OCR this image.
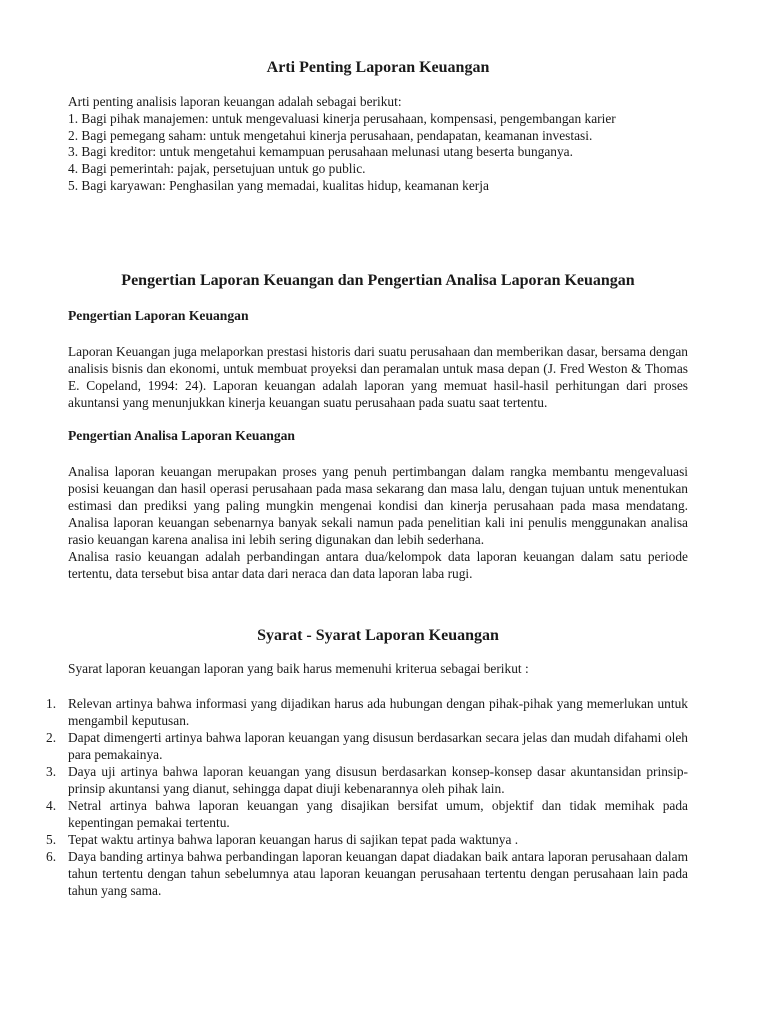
Arti Penting Laporan Keuangan
Arti penting analisis laporan keuangan adalah sebagai berikut:
1. Bagi pihak manajemen: untuk mengevaluasi kinerja perusahaan, kompensasi, pengembangan karier
2. Bagi pemegang saham: untuk mengetahui kinerja perusahaan, pendapatan, keamanan investasi.
3. Bagi kreditor: untuk mengetahui kemampuan perusahaan melunasi utang beserta bunganya.
4. Bagi pemerintah: pajak, persetujuan untuk go public.
5. Bagi karyawan: Penghasilan yang memadai, kualitas hidup, keamanan kerja
Pengertian Laporan Keuangan dan Pengertian Analisa Laporan Keuangan
Pengertian Laporan Keuangan

Laporan Keuangan juga melaporkan prestasi historis dari suatu perusahaan dan memberikan dasar, bersama dengan analisis bisnis dan ekonomi, untuk membuat proyeksi dan peramalan untuk masa depan (J. Fred Weston & Thomas E. Copeland, 1994: 24). Laporan keuangan adalah laporan yang memuat hasil-hasil perhitungan dari proses akuntansi yang menunjukkan kinerja keuangan suatu perusahaan pada suatu saat tertentu.

Pengertian Analisa Laporan Keuangan

Analisa laporan keuangan merupakan proses yang penuh pertimbangan dalam rangka membantu mengevaluasi posisi keuangan dan hasil operasi perusahaan pada masa sekarang dan masa lalu, dengan tujuan untuk menentukan estimasi dan prediksi yang paling mungkin mengenai kondisi dan kinerja perusahaan pada masa mendatang. Analisa laporan keuangan sebenarnya banyak sekali namun pada penelitian kali ini penulis menggunakan analisa rasio keuangan karena analisa ini lebih sering digunakan dan lebih sederhana.

Analisa rasio keuangan adalah perbandingan antara dua/kelompok data laporan keuangan dalam satu periode tertentu, data tersebut bisa antar data dari neraca dan data laporan laba rugi.

Syarat - Syarat Laporan Keuangan

Syarat laporan keuangan laporan yang baik harus memenuhi kriterua sebagai berikut :

1. Relevan artinya bahwa informasi yang dijadikan harus ada hubungan dengan pihak-pihak yang memerlukan untuk mengambil keputusan.
2. Dapat dimengerti artinya bahwa laporan keuangan yang disusun berdasarkan secara jelas dan mudah difahami oleh para pemakainya.
3. Daya uji artinya bahwa laporan keuangan yang disusun berdasarkan konsep-konsep dasar akuntansidan prinsip-prinsip akuntansi yang dianut, sehingga dapat diuji kebenarannya oleh pihak lain.
4. Netral artinya bahwa laporan keuangan yang disajikan bersifat umum, objektif dan tidak memihak pada kepentingan pemakai tertentu.
5. Tepat waktu artinya bahwa laporan keuangan harus di sajikan tepat pada waktunya .
6. Daya banding artinya bahwa perbandingan laporan keuangan dapat diadakan baik antara laporan perusahaan dalam tahun tertentu dengan tahun sebelumnya atau laporan keuangan perusahaan tertentu dengan perusahaan lain pada tahun yang sama.
